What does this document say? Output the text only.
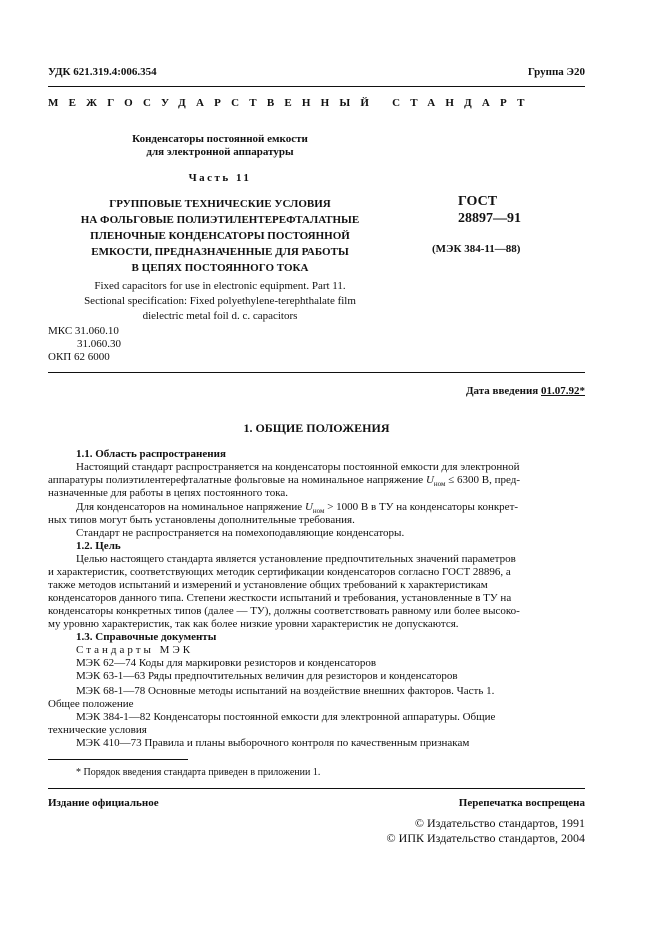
УДК 621.319.4:006.354	Группа Э20
МЕЖГОСУДАРСТВЕННЫЙ СТАНДАРТ
Конденсаторы постоянной емкости
для электронной аппаратуры
Часть 11
ГРУППОВЫЕ ТЕХНИЧЕСКИЕ УСЛОВИЯ
НА ФОЛЬГОВЫЕ ПОЛИЭТИЛЕНТЕРЕФТАЛАТНЫЕ
ПЛЕНОЧНЫЕ КОНДЕНСАТОРЫ ПОСТОЯННОЙ
ЕМКОСТИ, ПРЕДНАЗНАЧЕННЫЕ ДЛЯ РАБОТЫ
В ЦЕПЯХ ПОСТОЯННОГО ТОКА
ГОСТ
28897—91
(МЭК 384-11—88)
Fixed capacitors for use in electronic equipment. Part 11.
Sectional specification: Fixed polyethylene-terephthalate film
dielectric metal foil d. c. capacitors
МКС 31.060.10
31.060.30
ОКП 62 6000
Дата введения 01.07.92*
1. ОБЩИЕ ПОЛОЖЕНИЯ
1.1. Область распространения
Настоящий стандарт распространяется на конденсаторы постоянной емкости для электронной
аппаратуры полиэтилентерефталатные фольговые на номинальное напряжение $U_{ном} \le 6300$ В, пред-
назначенные для работы в цепях постоянного тока.
Для конденсаторов на номинальное напряжение $U_{ном} > 1000$ В в ТУ на конденсаторы конкрет-
ных типов могут быть установлены дополнительные требования.
Стандарт не распространяется на помехоподавляющие конденсаторы.
1.2. Цель
Целью настоящего стандарта является установление предпочтительных значений параметров
и характеристик, соответствующих методик сертификации конденсаторов согласно ГОСТ 28896, а
также методов испытаний и измерений и установление общих требований к характеристикам
конденсаторов данного типа. Степени жесткости испытаний и требования, установленные в ТУ на
конденсаторы конкретных типов (далее — ТУ), должны соответствовать равному или более высоко-
му уровню характеристик, так как более низкие уровни характеристик не допускаются.
1.3. Справочные документы
Стандарты МЭК
МЭК 62—74 Коды для маркировки резисторов и конденсаторов
МЭК 63-1—63 Ряды предпочтительных величин для резисторов и конденсаторов
МЭК 68-1—78 Основные методы испытаний на воздействие внешних факторов. Часть 1.
Общее положение
МЭК 384-1—82 Конденсаторы постоянной емкости для электронной аппаратуры. Общие
технические условия
МЭК 410—73 Правила и планы выборочного контроля по качественным признакам
* Порядок введения стандарта приведен в приложении 1.
Издание официальное	Перепечатка воспрещена
© Издательство стандартов, 1991
© ИПК Издательство стандартов, 2004
